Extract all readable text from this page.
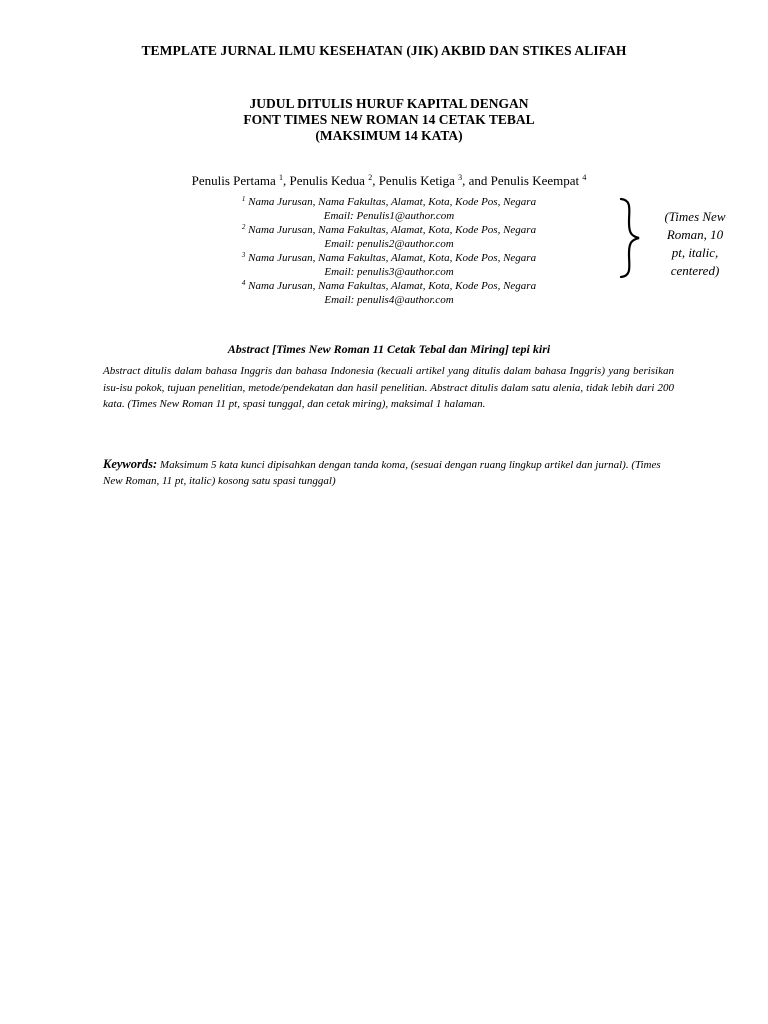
TEMPLATE JURNAL ILMU KESEHATAN (JIK) AKBID DAN STIKES ALIFAH
JUDUL DITULIS HURUF KAPITAL DENGAN
FONT TIMES NEW ROMAN 14 CETAK TEBAL
(MAKSIMUM 14 KATA)
Penulis Pertama $^1$, Penulis Kedua $^2$, Penulis Ketiga $^3$, and Penulis Keempat $^4$
$^1$ Nama Jurusan, Nama Fakultas, Alamat, Kota, Kode Pos, Negara
Email: Penulis1@author.com
$^2$ Nama Jurusan, Nama Fakultas, Alamat, Kota, Kode Pos, Negara
Email: penulis2@author.com
$^3$ Nama Jurusan, Nama Fakultas, Alamat, Kota, Kode Pos, Negara
Email: penulis3@author.com
$^4$ Nama Jurusan, Nama Fakultas, Alamat, Kota, Kode Pos, Negara
Email: penulis4@author.com
(Times New
Roman, 10
pt, italic,
centered)
Abstract [Times New Roman 11 Cetak Tebal dan Miring] tepi kiri
Abstract ditulis dalam bahasa Inggris dan bahasa Indonesia (kecuali artikel yang ditulis dalam bahasa Inggris) yang berisikan isu-isu pokok, tujuan penelitian, metode/pendekatan dan hasil penelitian. Abstract ditulis dalam satu alenia, tidak lebih dari 200 kata. (Times New Roman 11 pt, spasi tunggal, dan cetak miring), maksimal 1 halaman.
Keywords: Maksimum 5 kata kunci dipisahkan dengan tanda koma, (sesuai dengan ruang lingkup artikel dan jurnal). (Times New Roman, 11 pt, italic) kosong satu spasi tunggal)
